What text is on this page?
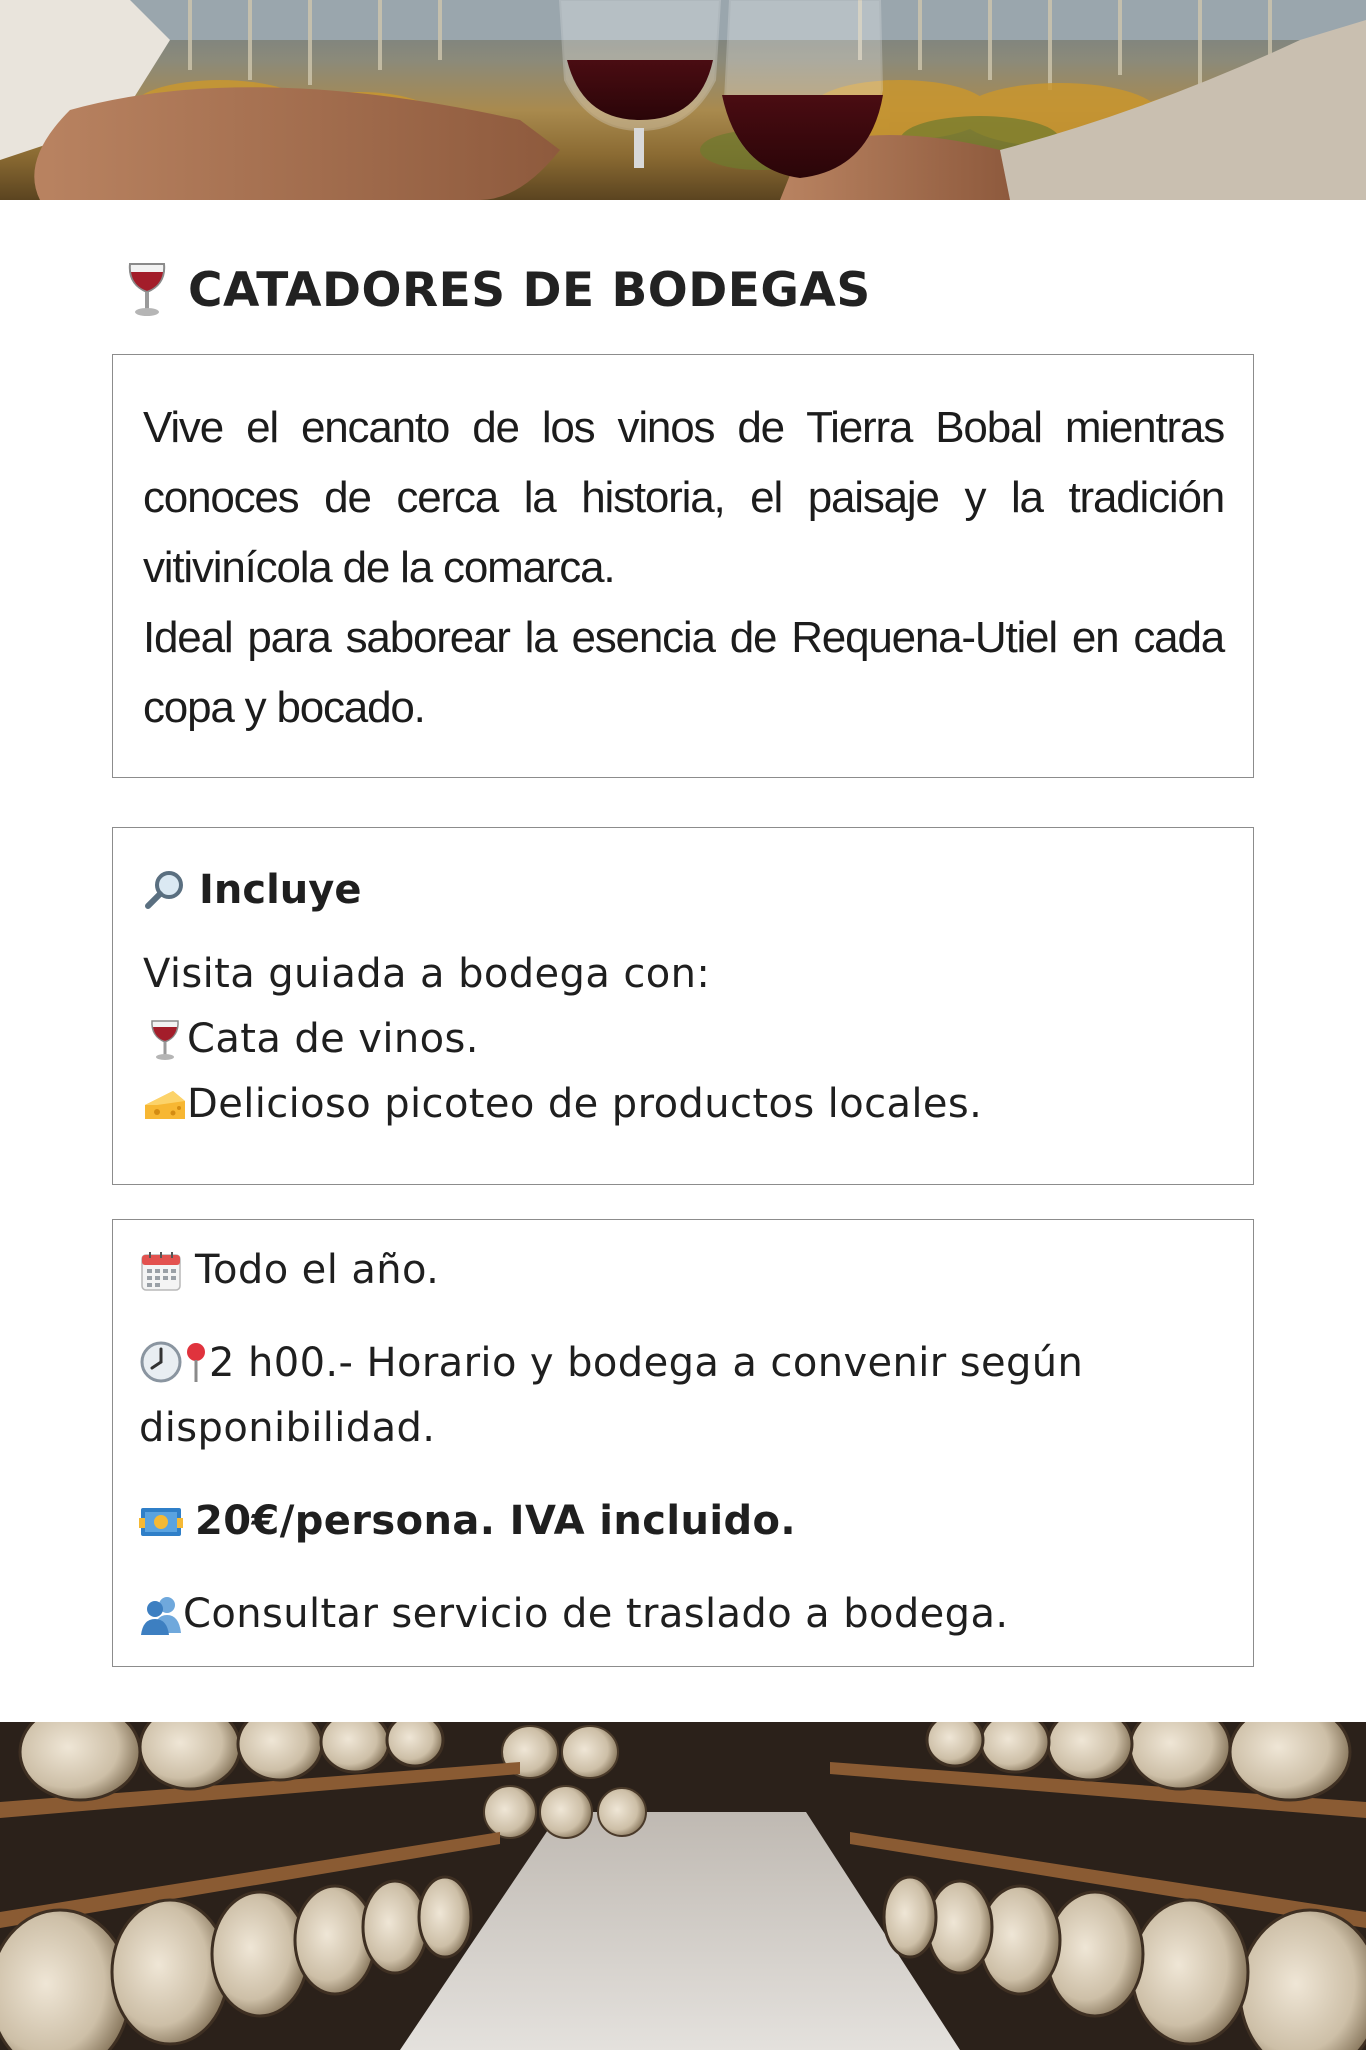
CATADORES DE BODEGAS

Vive el encanto de los vinos de Tierra Bobal mientras conoces de cerca la historia, el paisaje y la tradición vitivinícola de la comarca.

Ideal para saborear la esencia de Requena-Utiel en cada copa y bocado.

Incluye
Visita guiada a bodega con:
Cata de vinos.
Delicioso picoteo de productos locales.
Todo el año.
2 h00.- Horario y bodega a convenir según disponibilidad.
20€/persona. IVA incluido.
Consultar servicio de traslado a bodega.
